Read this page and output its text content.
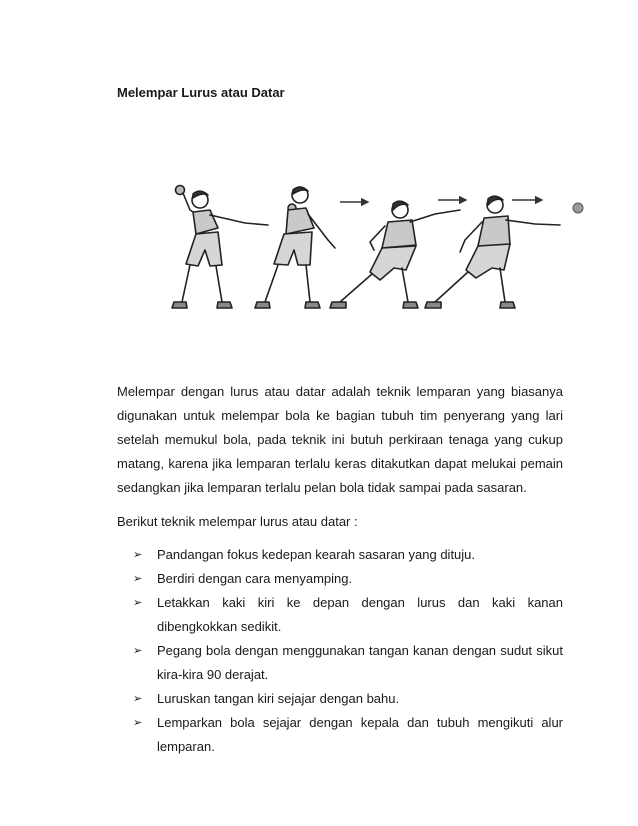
Melempar Lurus atau Datar

Melempar dengan lurus atau datar adalah teknik lemparan yang biasanya digunakan untuk melempar bola ke bagian tubuh tim penyerang yang lari setelah memukul bola, pada teknik ini butuh perkiraan tenaga yang cukup matang, karena jika lemparan terlalu keras ditakutkan dapat melukai pemain sedangkan jika lemparan terlalu pelan bola tidak sampai pada sasaran.

Berikut teknik melempar lurus atau datar :

➢ Pandangan fokus kedepan kearah sasaran yang dituju.
➢ Berdiri dengan cara menyamping.
➢ Letakkan kaki kiri ke depan dengan lurus dan kaki kanan dibengkokkan sedikit.
➢ Pegang bola dengan menggunakan tangan kanan dengan sudut sikut kira-kira 90 derajat.
➢ Luruskan tangan kiri sejajar dengan bahu.
➢ Lemparkan bola sejajar dengan kepala dan tubuh mengikuti alur lemparan.
